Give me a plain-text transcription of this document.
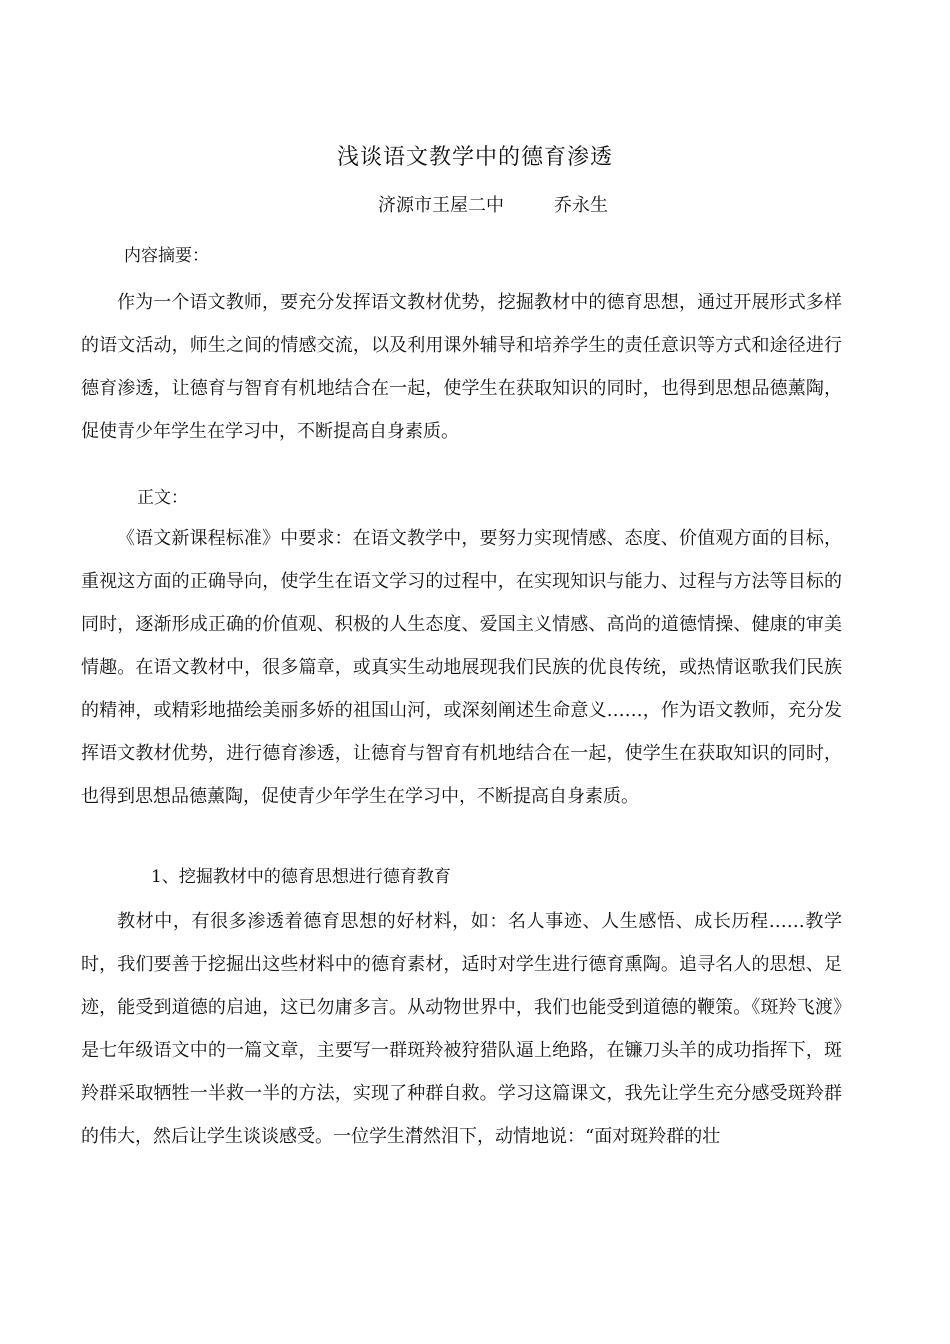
浅谈语文教学中的德育渗透
济源市王屋二中	乔永生
内容摘要：
作为一个语文教师，要充分发挥语文教材优势，挖掘教材中的德育思想，通过开展形式多样的语文活动，师生之间的情感交流，以及利用课外辅导和培养学生的责任意识等方式和途径进行德育渗透，让德育与智育有机地结合在一起，使学生在获取知识的同时，也得到思想品德薰陶，促使青少年学生在学习中，不断提高自身素质。
正文：
《语文新课程标准》中要求：在语文教学中，要努力实现情感、态度、价值观方面的目标，重视这方面的正确导向，使学生在语文学习的过程中，在实现知识与能力、过程与方法等目标的同时，逐渐形成正确的价值观、积极的人生态度、爱国主义情感、高尚的道德情操、健康的审美情趣。在语文教材中，很多篇章，或真实生动地展现我们民族的优良传统，或热情讴歌我们民族的精神，或精彩地描绘美丽多娇的祖国山河，或深刻阐述生命意义……，作为语文教师，充分发挥语文教材优势，进行德育渗透，让德育与智育有机地结合在一起，使学生在获取知识的同时，也得到思想品德薰陶，促使青少年学生在学习中，不断提高自身素质。
1、挖掘教材中的德育思想进行德育教育
教材中，有很多渗透着德育思想的好材料，如：名人事迹、人生感悟、成长历程……教学时，我们要善于挖掘出这些材料中的德育素材，适时对学生进行德育熏陶。追寻名人的思想、足迹，能受到道德的启迪，这已勿庸多言。从动物世界中，我们也能受到道德的鞭策。《斑羚飞渡》是七年级语文中的一篇文章，主要写一群斑羚被狩猎队逼上绝路，在镰刀头羊的成功指挥下，斑羚群采取牺牲一半救一半的方法，实现了种群自救。学习这篇课文，我先让学生充分感受斑羚群的伟大，然后让学生谈谈感受。一位学生潸然泪下，动情地说：“面对斑羚群的壮
